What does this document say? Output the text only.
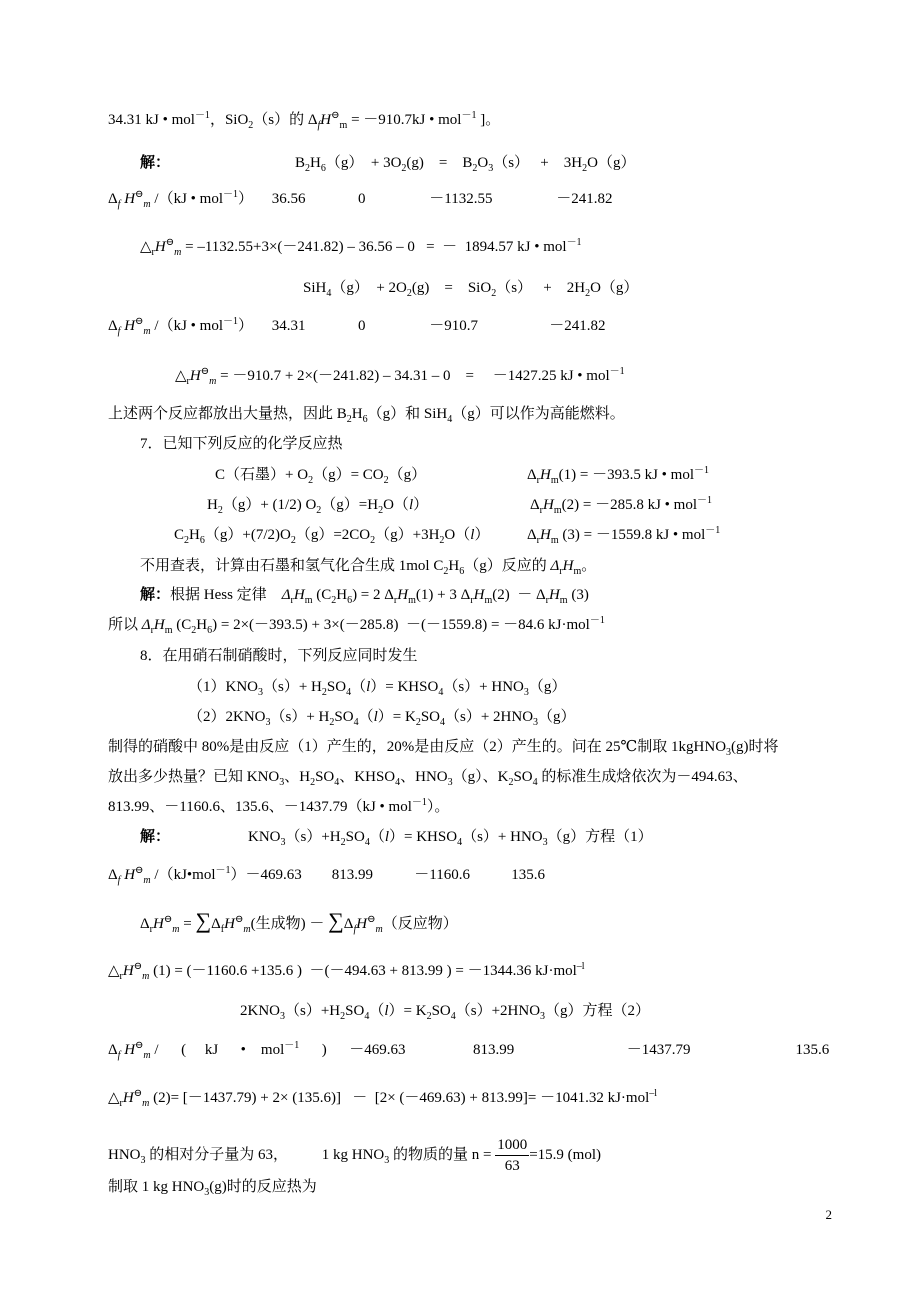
34.31 kJ • mol$^{-1}$，SiO$_2$（s）的 $\Delta_fH^⊖_m = -910.7kJ$ • mol$^{-1}$ ]。
解：	$B_2H_6(g) + 3O_2(g)$    =    $B_2O_3(s)$   +    $3H_2O(g)$
$\Delta_f$ $H^⊖_m$ /（kJ • mol$^{-1}$）     36.56              0                 －1132.55                 －241.82
$\triangle_rH^⊖_m = -1132.55+3\times(-241.82) - 36.56 - 0$   =  －  1894.57 kJ • mol$^{-1}$
$SiH_4(g) + 2O_2(g)$    =    SiO$_2$（s）   +    $2H_2O(g)$
$\Delta_f$ $H^⊖_m$ /（kJ • mol$^{-1}$）     34.31              0                 －910.7                   －241.82
$\triangle_rH^⊖_m = -910.7 + 2\times(-241.82) - 34.31 - 0$    =     －1427.25 kJ • mol$^{-1}$
上述两个反应都放出大量热，因此 $B_2H_6(g)$和 SiH$_4$（g）可以作为高能燃料。
7．已知下列反应的化学反应热
C（石墨）+ $O_2(g)= CO_2(g)$	$\Delta_rH_m(1) = -393.5$ kJ • mol$^{-1}$
$H_2(g)+ (1/2)$ $O_2(g)=H_2O(l)$	$\Delta_rH_m(2) = -285.8$ kJ • mol$^{-1}$
$C_2H_6(g)+(7/2)O_2(g)=2CO_2(g)+3H_2O(l)$	$\Delta_rH_m$ (3) = －1559.8 kJ • mol$^{-1}$
不用查表，计算由石墨和氢气化合生成 1mol $C_2H_6(g)$反应的 $\Delta_rH_m$。
解：根据 Hess 定律    $\Delta_rH_m$ $(C_2H_6) = 2$ $\Delta_rH_m(1) + 3$ $\Delta_rH_m(2) - \Delta_rH_m$ (3)
所以 $\Delta_rH_m$ $(C_2H_6) = 2\times(-393.5) + 3\times(-285.8) -(-1559.8) = -84.6$ kJ·mol$^{-1}$
8．在用硝石制硝酸时，下列反应同时发生
$(1)KNO_3(s)+ H_2SO_4(l)=$ $KHSO_4(s)+ HNO_3(g)$
$(2)2KNO_3(s)+ H_2SO_4(l)= K_2SO_4(s)+ 2HNO_3(g)$
制得的硝酸中 80%是由反应（1）产生的，20%是由反应（2）产生的。问在 25℃制取 1kgHNO$_3$(g)时将
放出多少热量？已知 $KNO_3$、$H_2SO_4$、$KHSO_4$、$HNO_3(g)$、$K_2SO_4$ 的标准生成焓依次为－494.63、
813.99、－1160.6、135.6、－1437.79（kJ • mol$^{-1}$）。
解：	$KNO_3(s)+H_2SO_4(l)=$ $KHSO_4(s)+ HNO_3(g)$方程（1）
$\Delta_f$ $H^⊖_m$ /（kJ•mol$^{-1}$）－469.63        813.99           －1160.6           135.6
$\Delta_rH^⊖_m = \sum\Delta_fH^⊖_m$(生成物) － $\sum\Delta_fH^⊖_m$（反应物）
$\triangle_rH^⊖_m$ (1) = (－1160.6 +135.6 )  －(－494.63 + 813.99 ) = －1344.36 kJ·mol$^{-l}$
$2KNO_3(s)+H_2SO_4(l)= K_2SO_4(s)+2HNO_3(g)$方程（2）
$\Delta_f$ $H^⊖_m$ /      (     kJ      •    mol$^{-1}$      )      －469.63                  813.99                              －1437.79                            135.6
$\triangle_rH^⊖_m$ (2)= [－1437.79) + 2× (135.6)]   －  [2× (－469.63) + 813.99]= －1041.32 kJ·mol$^{-l}$
$HNO_3$ 的相对分子量为 63，         1 kg $HNO_3$ 的物质的量 $n = \frac{1000}{63} =15.9$ (mol)
制取 1 kg $HNO_3(g)$时的反应热为
2
